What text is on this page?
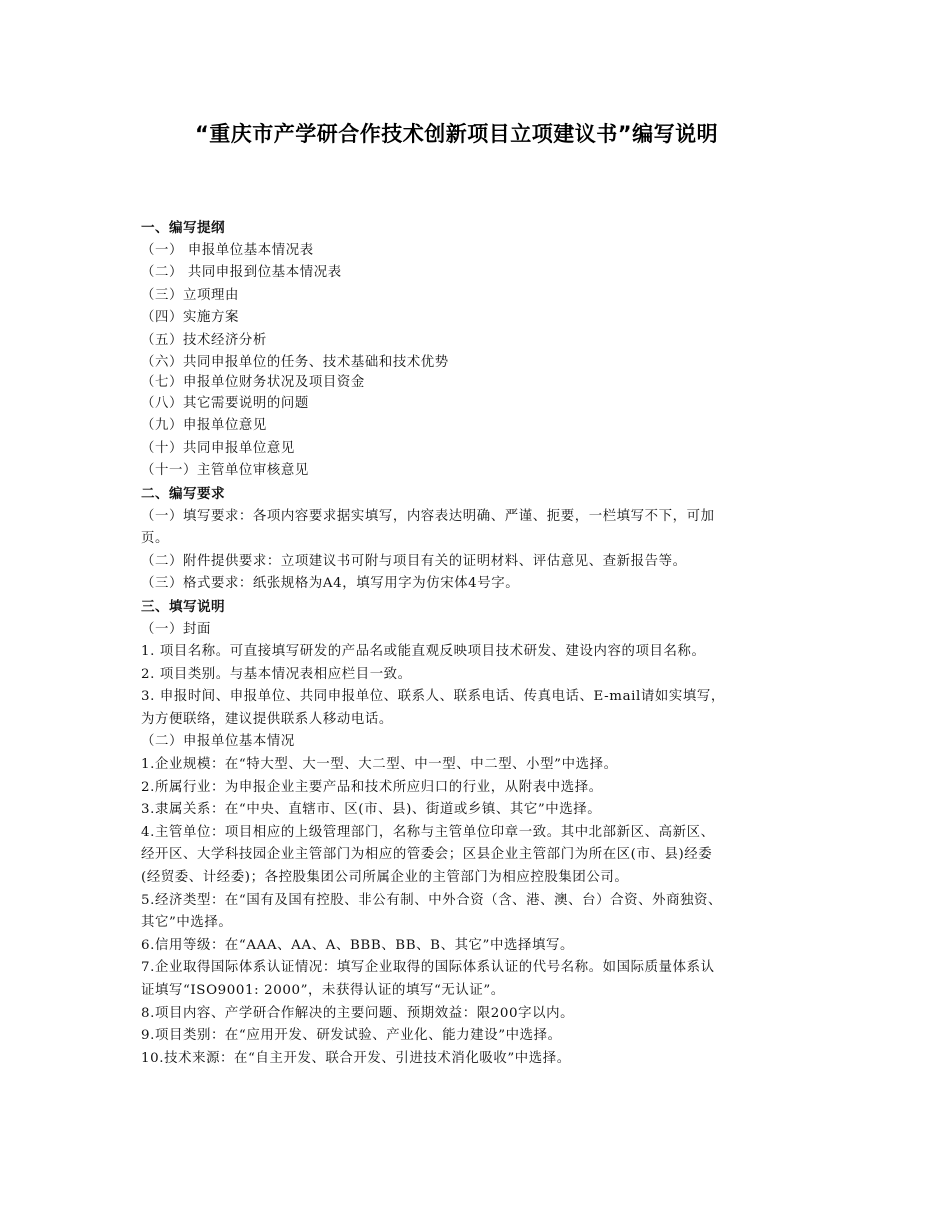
“重庆市产学研合作技术创新项目立项建议书”编写说明
一、编写提纲
（一） 申报单位基本情况表
（二） 共同申报到位基本情况表
（三）立项理由
（四）实施方案
（五）技术经济分析
（六）共同申报单位的任务、技术基础和技术优势
（七）申报单位财务状况及项目资金
（八）其它需要说明的问题
（九）申报单位意见
（十）共同申报单位意见
（十一）主管单位审核意见
二、编写要求
（一）填写要求：各项内容要求据实填写，内容表达明确、严谨、扼要，一栏填写不下，可加
页。
（二）附件提供要求：立项建议书可附与项目有关的证明材料、评估意见、查新报告等。
（三）格式要求：纸张规格为A4，填写用字为仿宋体4号字。
三、填写说明
（一）封面
1. 项目名称。可直接填写研发的产品名或能直观反映项目技术研发、建设内容的项目名称。
2. 项目类别。与基本情况表相应栏目一致。
3. 申报时间、申报单位、共同申报单位、联系人、联系电话、传真电话、E-mail请如实填写，
为方便联络，建议提供联系人移动电话。
（二）申报单位基本情况
1.企业规模：在“特大型、大一型、大二型、中一型、中二型、小型”中选择。
2.所属行业：为申报企业主要产品和技术所应归口的行业，从附表中选择。
3.隶属关系：在“中央、直辖市、区(市、县)、街道或乡镇、其它”中选择。
4.主管单位：项目相应的上级管理部门，名称与主管单位印章一致。其中北部新区、高新区、
经开区、大学科技园企业主管部门为相应的管委会；区县企业主管部门为所在区(市、县)经委
(经贸委、计经委)；各控股集团公司所属企业的主管部门为相应控股集团公司。
5.经济类型：在“国有及国有控股、非公有制、中外合资（含、港、澳、台）合资、外商独资、
其它”中选择。
6.信用等级：在“AAA、AA、A、BBB、BB、B、其它”中选择填写。
7.企业取得国际体系认证情况：填写企业取得的国际体系认证的代号名称。如国际质量体系认
证填写“ISO9001: 2000”，未获得认证的填写“无认证”。
8.项目内容、产学研合作解决的主要问题、预期效益：限200字以内。
9.项目类别：在“应用开发、研发试验、产业化、能力建设”中选择。
10.技术来源：在“自主开发、联合开发、引进技术消化吸收”中选择。
